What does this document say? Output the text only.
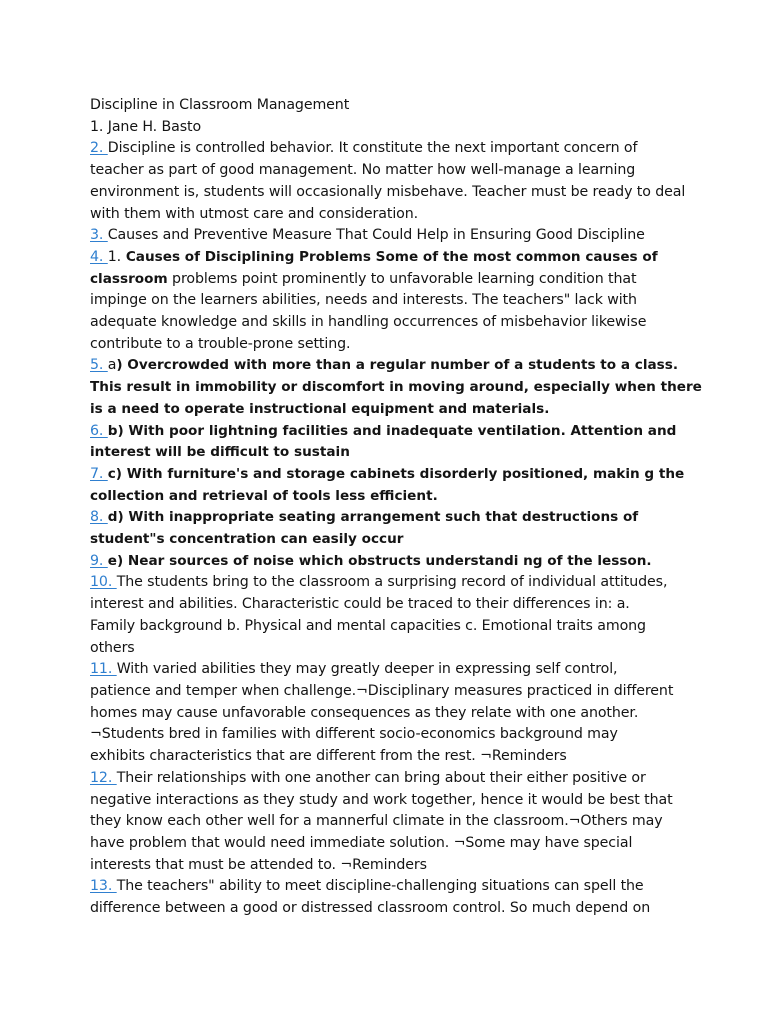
Discipline in Classroom Management
1. Jane H. Basto
2. Discipline is controlled behavior. It constitute the next important concern of
teacher as part of good management. No matter how well-manage a learning
environment is, students will occasionally misbehave. Teacher must be ready to deal
with them with utmost care and consideration.
3. Causes and Preventive Measure That Could Help in Ensuring Good Discipline
4. 1. Causes of Disciplining Problems Some of the most common causes of
classroom problems point prominently to unfavorable learning condition that
impinge on the learners abilities, needs and interests. The teachers" lack with
adequate knowledge and skills in handling occurrences of misbehavior likewise
contribute to a trouble-prone setting.
5. a) Overcrowded with more than a regular number of a students to a class.
This result in immobility or discomfort in moving around, especially when there
is a need to operate instructional equipment and materials.
6. b) With poor lightning facilities and inadequate ventilation. Attention and
interest will be difficult to sustain
7. c) With furniture's and storage cabinets disorderly positioned, makin g the
collection and retrieval of tools less efficient.
8. d) With inappropriate seating arrangement such that destructions of
student"s concentration can easily occur
9. e) Near sources of noise which obstructs understandi ng of the lesson.
10. The students bring to the classroom a surprising record of individual attitudes,
interest and abilities. Characteristic could be traced to their differences in: a.
Family background b. Physical and mental capacities c. Emotional traits among
others
11. With varied abilities they may greatly deeper in expressing self control,
patience and temper when challenge.¬Disciplinary measures practiced in different
homes may cause unfavorable consequences as they relate with one another.
¬Students bred in families with different socio-economics background may
exhibits characteristics that are different from the rest. ¬Reminders
12. Their relationships with one another can bring about their either positive or
negative interactions as they study and work together, hence it would be best that
they know each other well for a mannerful climate in the classroom.¬Others may
have problem that would need immediate solution. ¬Some may have special
interests that must be attended to. ¬Reminders
13. The teachers" ability to meet discipline-challenging situations can spell the
difference between a good or distressed classroom control. So much depend on
